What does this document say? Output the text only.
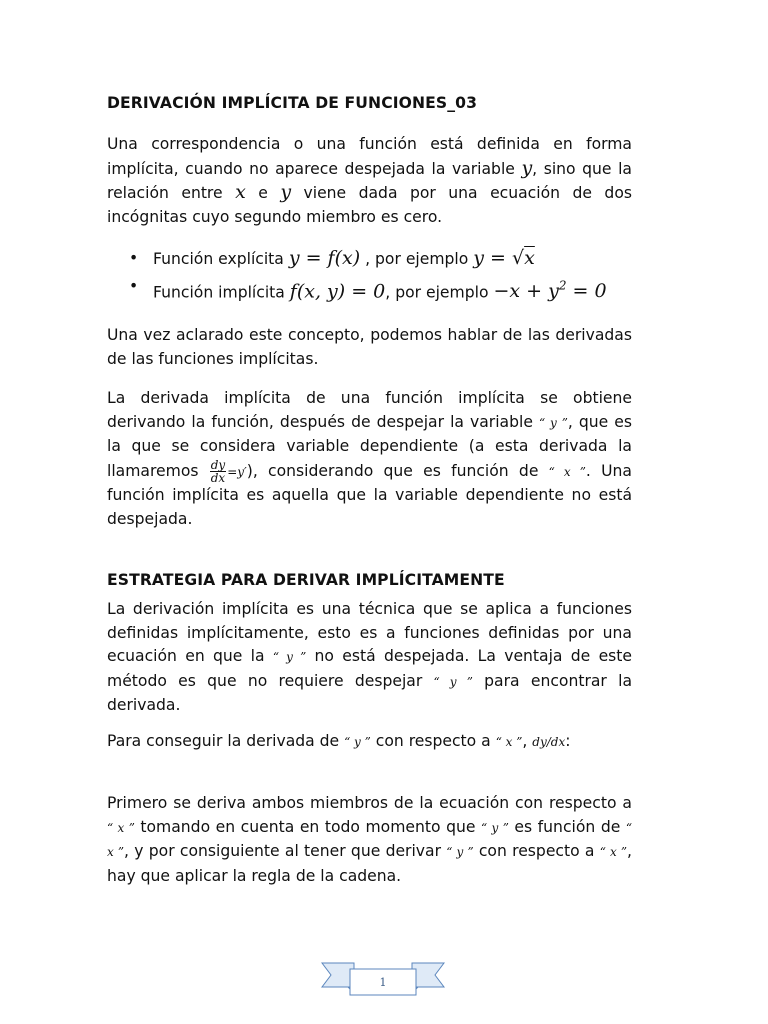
DERIVACIÓN IMPLÍCITA DE FUNCIONES_03

Una correspondencia o una función está definida en forma implícita, cuando no aparece despejada la variable y, sino que la relación entre x e y viene dada por una ecuación de dos incógnitas cuyo segundo miembro es cero.

• Función explícita y = f(x) , por ejemplo y = √x
• Función implícita f(x, y) = 0, por ejemplo $-x + y^2 = 0$

Una vez aclarado este concepto, podemos hablar de las derivadas de las funciones implícitas.

La derivada implícita de una función implícita se obtiene derivando la función, después de despejar la variable “ y ”, que es la que se considera variable dependiente (a esta derivada la llamaremos $\frac{dy}{dx} =y'$), considerando que es función de “ x ”. Una función implícita es aquella que la variable dependiente no está despejada.

ESTRATEGIA PARA DERIVAR IMPLÍCITAMENTE

La derivación implícita es una técnica que se aplica a funciones definidas implícitamente, esto es a funciones definidas por una ecuación en que la “ y ” no está despejada. La ventaja de este método es que no requiere despejar “ y ” para encontrar la derivada.

Para conseguir la derivada de “ y ” con respecto a “ x ”, dy/dx:

Primero se deriva ambos miembros de la ecuación con respecto a “ x ” tomando en cuenta en todo momento que “ y ” es función de “ x ”, y por consiguiente al tener que derivar “ y ” con respecto a “ x ”, hay que aplicar la regla de la cadena.

1
